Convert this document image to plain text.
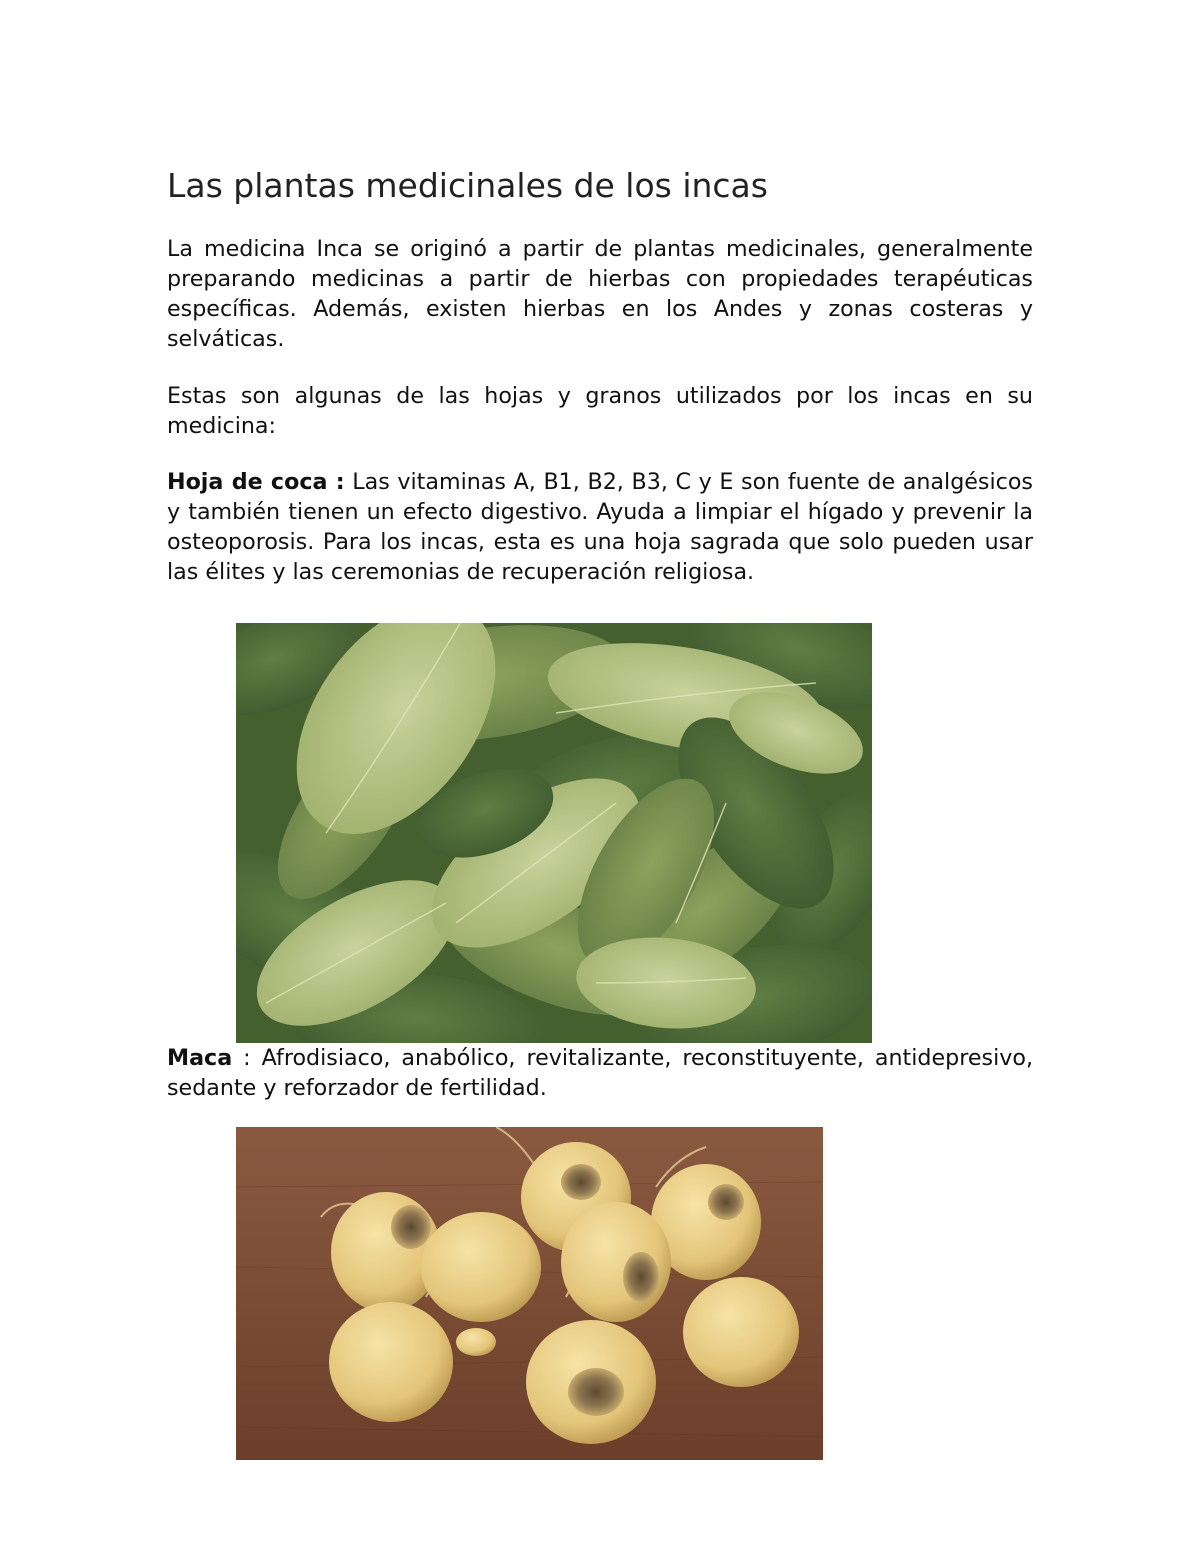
Las plantas medicinales de los incas

La medicina Inca se originó a partir de plantas medicinales, generalmente preparando medicinas a partir de hierbas con propiedades terapéuticas específicas. Además, existen hierbas en los Andes y zonas costeras y selváticas.

Estas son algunas de las hojas y granos utilizados por los incas en su medicina:

Hoja de coca : Las vitaminas A, B1, B2, B3, C y E son fuente de analgésicos y también tienen un efecto digestivo. Ayuda a limpiar el hígado y prevenir la osteoporosis. Para los incas, esta es una hoja sagrada que solo pueden usar las élites y las ceremonias de recuperación religiosa.

Maca : Afrodisiaco, anabólico, revitalizante, reconstituyente, antidepresivo, sedante y reforzador de fertilidad.
